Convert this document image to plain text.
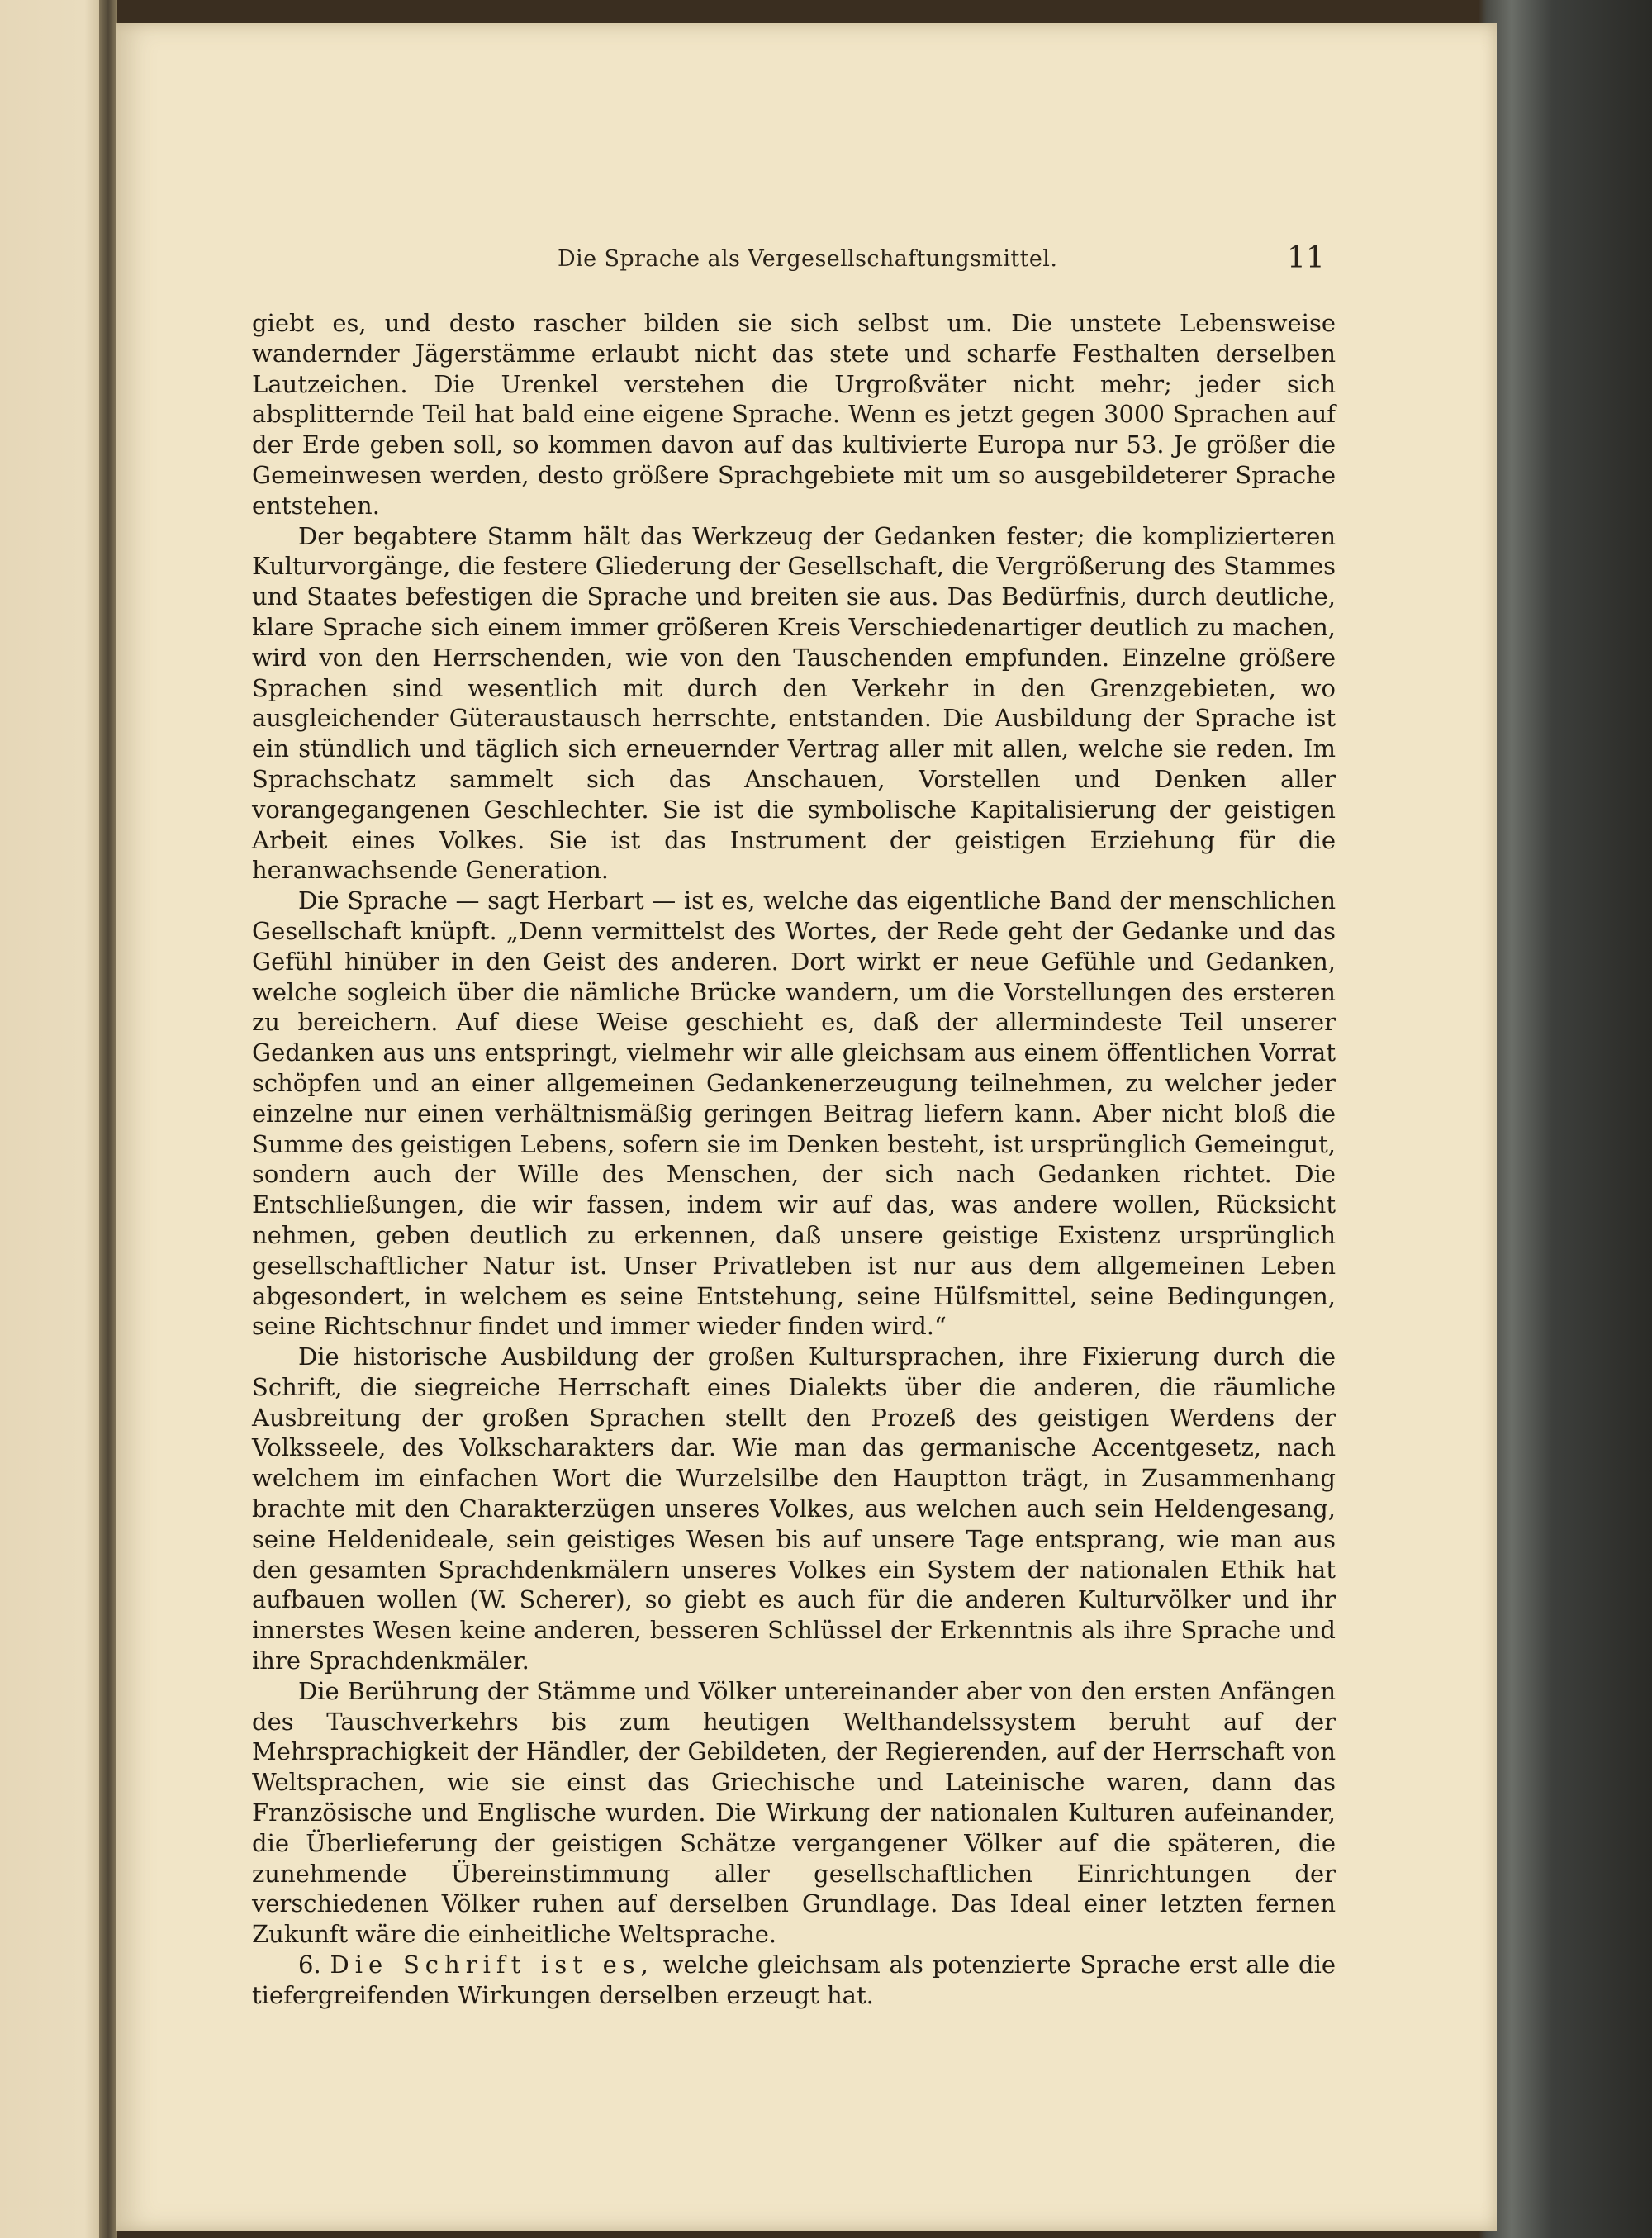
Die Sprache als Vergesellschaftungsmittel.	11

giebt es, und desto rascher bilden sie sich selbst um. Die unstete Lebensweise wandernder Jägerstämme erlaubt nicht das stete und scharfe Festhalten derselben Lautzeichen. Die Urenkel verstehen die Urgroßväter nicht mehr; jeder sich absplitternde Teil hat bald eine eigene Sprache. Wenn es jetzt gegen 3000 Sprachen auf der Erde geben soll, so kommen davon auf das kultivierte Europa nur 53. Je größer die Gemeinwesen werden, desto größere Sprachgebiete mit um so ausgebildeterer Sprache entstehen.

Der begabtere Stamm hält das Werkzeug der Gedanken fester; die komplizierteren Kulturvorgänge, die festere Gliederung der Gesellschaft, die Vergrößerung des Stammes und Staates befestigen die Sprache und breiten sie aus. Das Bedürfnis, durch deutliche, klare Sprache sich einem immer größeren Kreis Verschiedenartiger deutlich zu machen, wird von den Herrschenden, wie von den Tauschenden empfunden. Einzelne größere Sprachen sind wesentlich mit durch den Verkehr in den Grenzgebieten, wo ausgleichender Güteraustausch herrschte, entstanden. Die Ausbildung der Sprache ist ein stündlich und täglich sich erneuernder Vertrag aller mit allen, welche sie reden. Im Sprachschatz sammelt sich das Anschauen, Vorstellen und Denken aller vorangegangenen Geschlechter. Sie ist die symbolische Kapitalisierung der geistigen Arbeit eines Volkes. Sie ist das Instrument der geistigen Erziehung für die heranwachsende Generation.

Die Sprache — sagt Herbart — ist es, welche das eigentliche Band der menschlichen Gesellschaft knüpft. „Denn vermittelst des Wortes, der Rede geht der Gedanke und das Gefühl hinüber in den Geist des anderen. Dort wirkt er neue Gefühle und Gedanken, welche sogleich über die nämliche Brücke wandern, um die Vorstellungen des ersteren zu bereichern. Auf diese Weise geschieht es, daß der allermindeste Teil unserer Gedanken aus uns entspringt, vielmehr wir alle gleichsam aus einem öffentlichen Vorrat schöpfen und an einer allgemeinen Gedankenerzeugung teilnehmen, zu welcher jeder einzelne nur einen verhältnismäßig geringen Beitrag liefern kann. Aber nicht bloß die Summe des geistigen Lebens, sofern sie im Denken besteht, ist ursprünglich Gemeingut, sondern auch der Wille des Menschen, der sich nach Gedanken richtet. Die Entschließungen, die wir fassen, indem wir auf das, was andere wollen, Rücksicht nehmen, geben deutlich zu erkennen, daß unsere geistige Existenz ursprünglich gesellschaftlicher Natur ist. Unser Privatleben ist nur aus dem allgemeinen Leben abgesondert, in welchem es seine Entstehung, seine Hülfsmittel, seine Bedingungen, seine Richtschnur findet und immer wieder finden wird.“

Die historische Ausbildung der großen Kultursprachen, ihre Fixierung durch die Schrift, die siegreiche Herrschaft eines Dialekts über die anderen, die räumliche Ausbreitung der großen Sprachen stellt den Prozeß des geistigen Werdens der Volksseele, des Volkscharakters dar. Wie man das germanische Accentgesetz, nach welchem im einfachen Wort die Wurzelsilbe den Hauptton trägt, in Zusammenhang brachte mit den Charakterzügen unseres Volkes, aus welchen auch sein Heldengesang, seine Heldenideale, sein geistiges Wesen bis auf unsere Tage entsprang, wie man aus den gesamten Sprachdenkmälern unseres Volkes ein System der nationalen Ethik hat aufbauen wollen (W. Scherer), so giebt es auch für die anderen Kulturvölker und ihr innerstes Wesen keine anderen, besseren Schlüssel der Erkenntnis als ihre Sprache und ihre Sprachdenkmäler.

Die Berührung der Stämme und Völker untereinander aber von den ersten Anfängen des Tauschverkehrs bis zum heutigen Welthandelssystem beruht auf der Mehrsprachigkeit der Händler, der Gebildeten, der Regierenden, auf der Herrschaft von Weltsprachen, wie sie einst das Griechische und Lateinische waren, dann das Französische und Englische wurden. Die Wirkung der nationalen Kulturen aufeinander, die Überlieferung der geistigen Schätze vergangener Völker auf die späteren, die zunehmende Übereinstimmung aller gesellschaftlichen Einrichtungen der verschiedenen Völker ruhen auf derselben Grundlage. Das Ideal einer letzten fernen Zukunft wäre die einheitliche Weltsprache.

6. Die Schrift ist es, welche gleichsam als potenzierte Sprache erst alle die tiefergreifenden Wirkungen derselben erzeugt hat.
